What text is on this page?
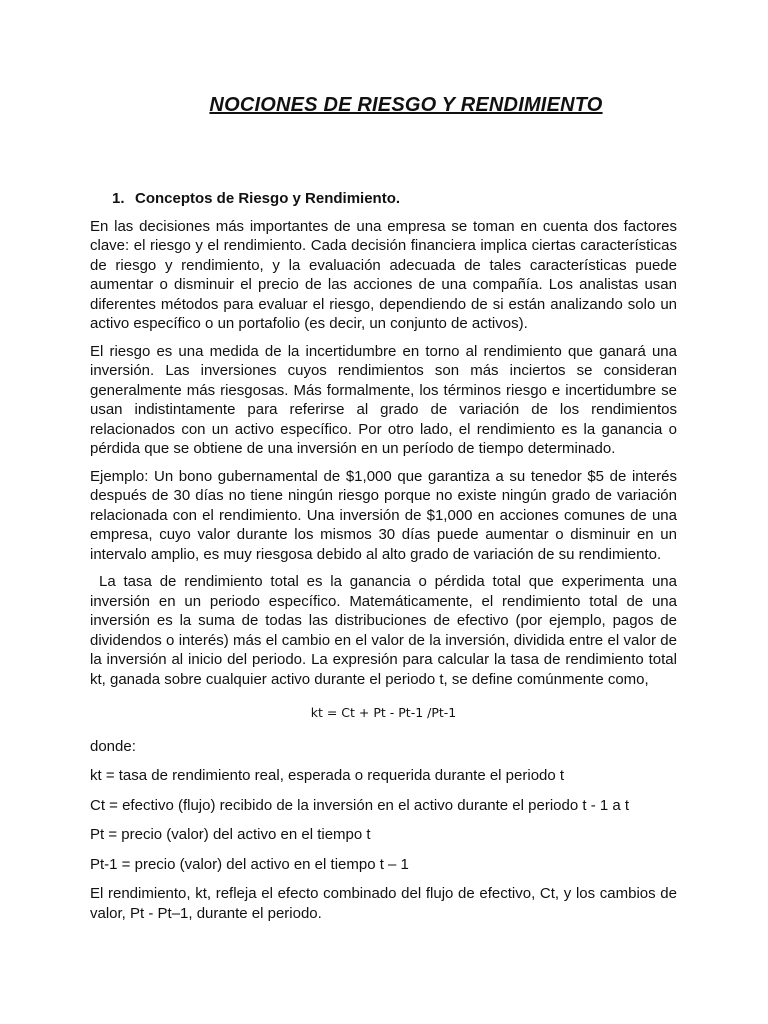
NOCIONES DE RIESGO Y RENDIMIENTO
1. Conceptos de Riesgo y Rendimiento.

En las decisiones más importantes de una empresa se toman en cuenta dos factores clave: el riesgo y el rendimiento. Cada decisión financiera implica ciertas características de riesgo y rendimiento, y la evaluación adecuada de tales características puede aumentar o disminuir el precio de las acciones de una compañía. Los analistas usan diferentes métodos para evaluar el riesgo, dependiendo de si están analizando solo un activo específico o un portafolio (es decir, un conjunto de activos).

El riesgo es una medida de la incertidumbre en torno al rendimiento que ganará una inversión. Las inversiones cuyos rendimientos son más inciertos se consideran generalmente más riesgosas. Más formalmente, los términos riesgo e incertidumbre se usan indistintamente para referirse al grado de variación de los rendimientos relacionados con un activo específico. Por otro lado, el rendimiento es la ganancia o pérdida que se obtiene de una inversión en un período de tiempo determinado.

Ejemplo: Un bono gubernamental de $1,000 que garantiza a su tenedor $5 de interés después de 30 días no tiene ningún riesgo porque no existe ningún grado de variación relacionada con el rendimiento. Una inversión de $1,000 en acciones comunes de una empresa, cuyo valor durante los mismos 30 días puede aumentar o disminuir en un intervalo amplio, es muy riesgosa debido al alto grado de variación de su rendimiento.

La tasa de rendimiento total es la ganancia o pérdida total que experimenta una inversión en un periodo específico. Matemáticamente, el rendimiento total de una inversión es la suma de todas las distribuciones de efectivo (por ejemplo, pagos de dividendos o interés) más el cambio en el valor de la inversión, dividida entre el valor de la inversión al inicio del periodo. La expresión para calcular la tasa de rendimiento total kt, ganada sobre cualquier activo durante el periodo t, se define comúnmente como,

kt = Ct + Pt - Pt-1 /Pt-1
donde:
kt = tasa de rendimiento real, esperada o requerida durante el periodo t
Ct = efectivo (flujo) recibido de la inversión en el activo durante el periodo t - 1 a t
Pt = precio (valor) del activo en el tiempo t
Pt-1 = precio (valor) del activo en el tiempo t – 1

El rendimiento, kt, refleja el efecto combinado del flujo de efectivo, Ct, y los cambios de valor, Pt - Pt–1, durante el periodo.
